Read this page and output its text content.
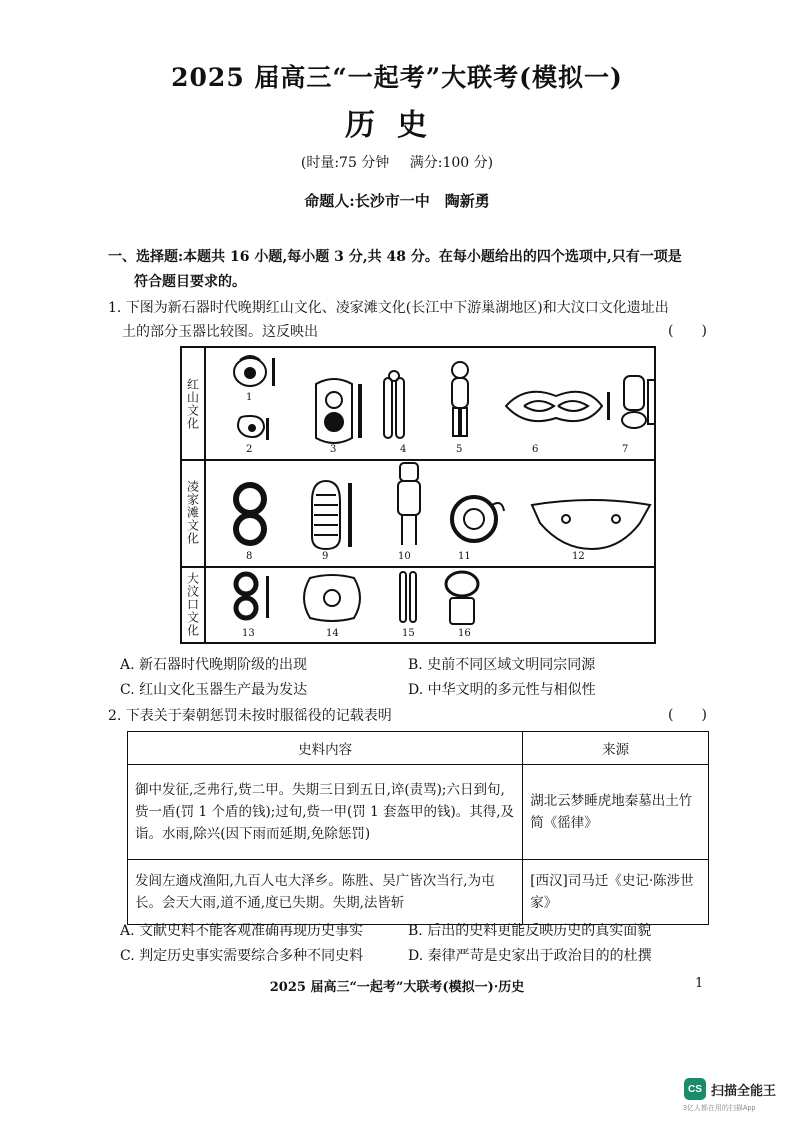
2025 届高三“一起考”大联考(模拟一)
历史
(时量:75 分钟 满分:100 分)
命题人:长沙市一中　陶新勇
一、选择题:本题共 16 小题,每小题 3 分,共 48 分。在每小题给出的四个选项中,只有一项是
符合题目要求的。
1. 下图为新石器时代晚期红山文化、凌家滩文化(长江中下游巢湖地区)和大汶口文化遗址出
土的部分玉器比较图。这反映出	(　　)
红山文化	1
2	3	4	5	6	7
凌家滩文化
8	9	10	11	12
大汶口文化	13	14	15	16
A. 新石器时代晚期阶级的出现	B. 史前不同区域文明同宗同源
C. 红山文化玉器生产最为发达	D. 中华文明的多元性与相似性
2. 下表关于秦朝惩罚未按时服徭役的记载表明	(　　)
史料内容	来源
御中发征,乏弗行,赀二甲。失期三日到五日,谇(责骂);六日到旬,赀一盾(罚 1 个盾的钱);过旬,赀一甲(罚 1 套盔甲的钱)。其得,及诣。水雨,除兴(因下雨而延期,免除惩罚)	湖北云梦睡虎地秦墓出土竹简《徭律》
发闾左適戍渔阳,九百人屯大泽乡。陈胜、吴广皆次当行,为屯长。会天大雨,道不通,度已失期。失期,法皆斩	[西汉]司马迁《史记·陈涉世家》
A. 文献史料不能客观准确再现历史事实	B. 后出的史料更能反映历史的真实面貌
C. 判定历史事实需要综合多种不同史料	D. 秦律严苛是史家出于政治目的的杜撰
2025 届高三“一起考”大联考(模拟一)·历史	1
CS 扫描全能王
3亿人都在用的扫描App
